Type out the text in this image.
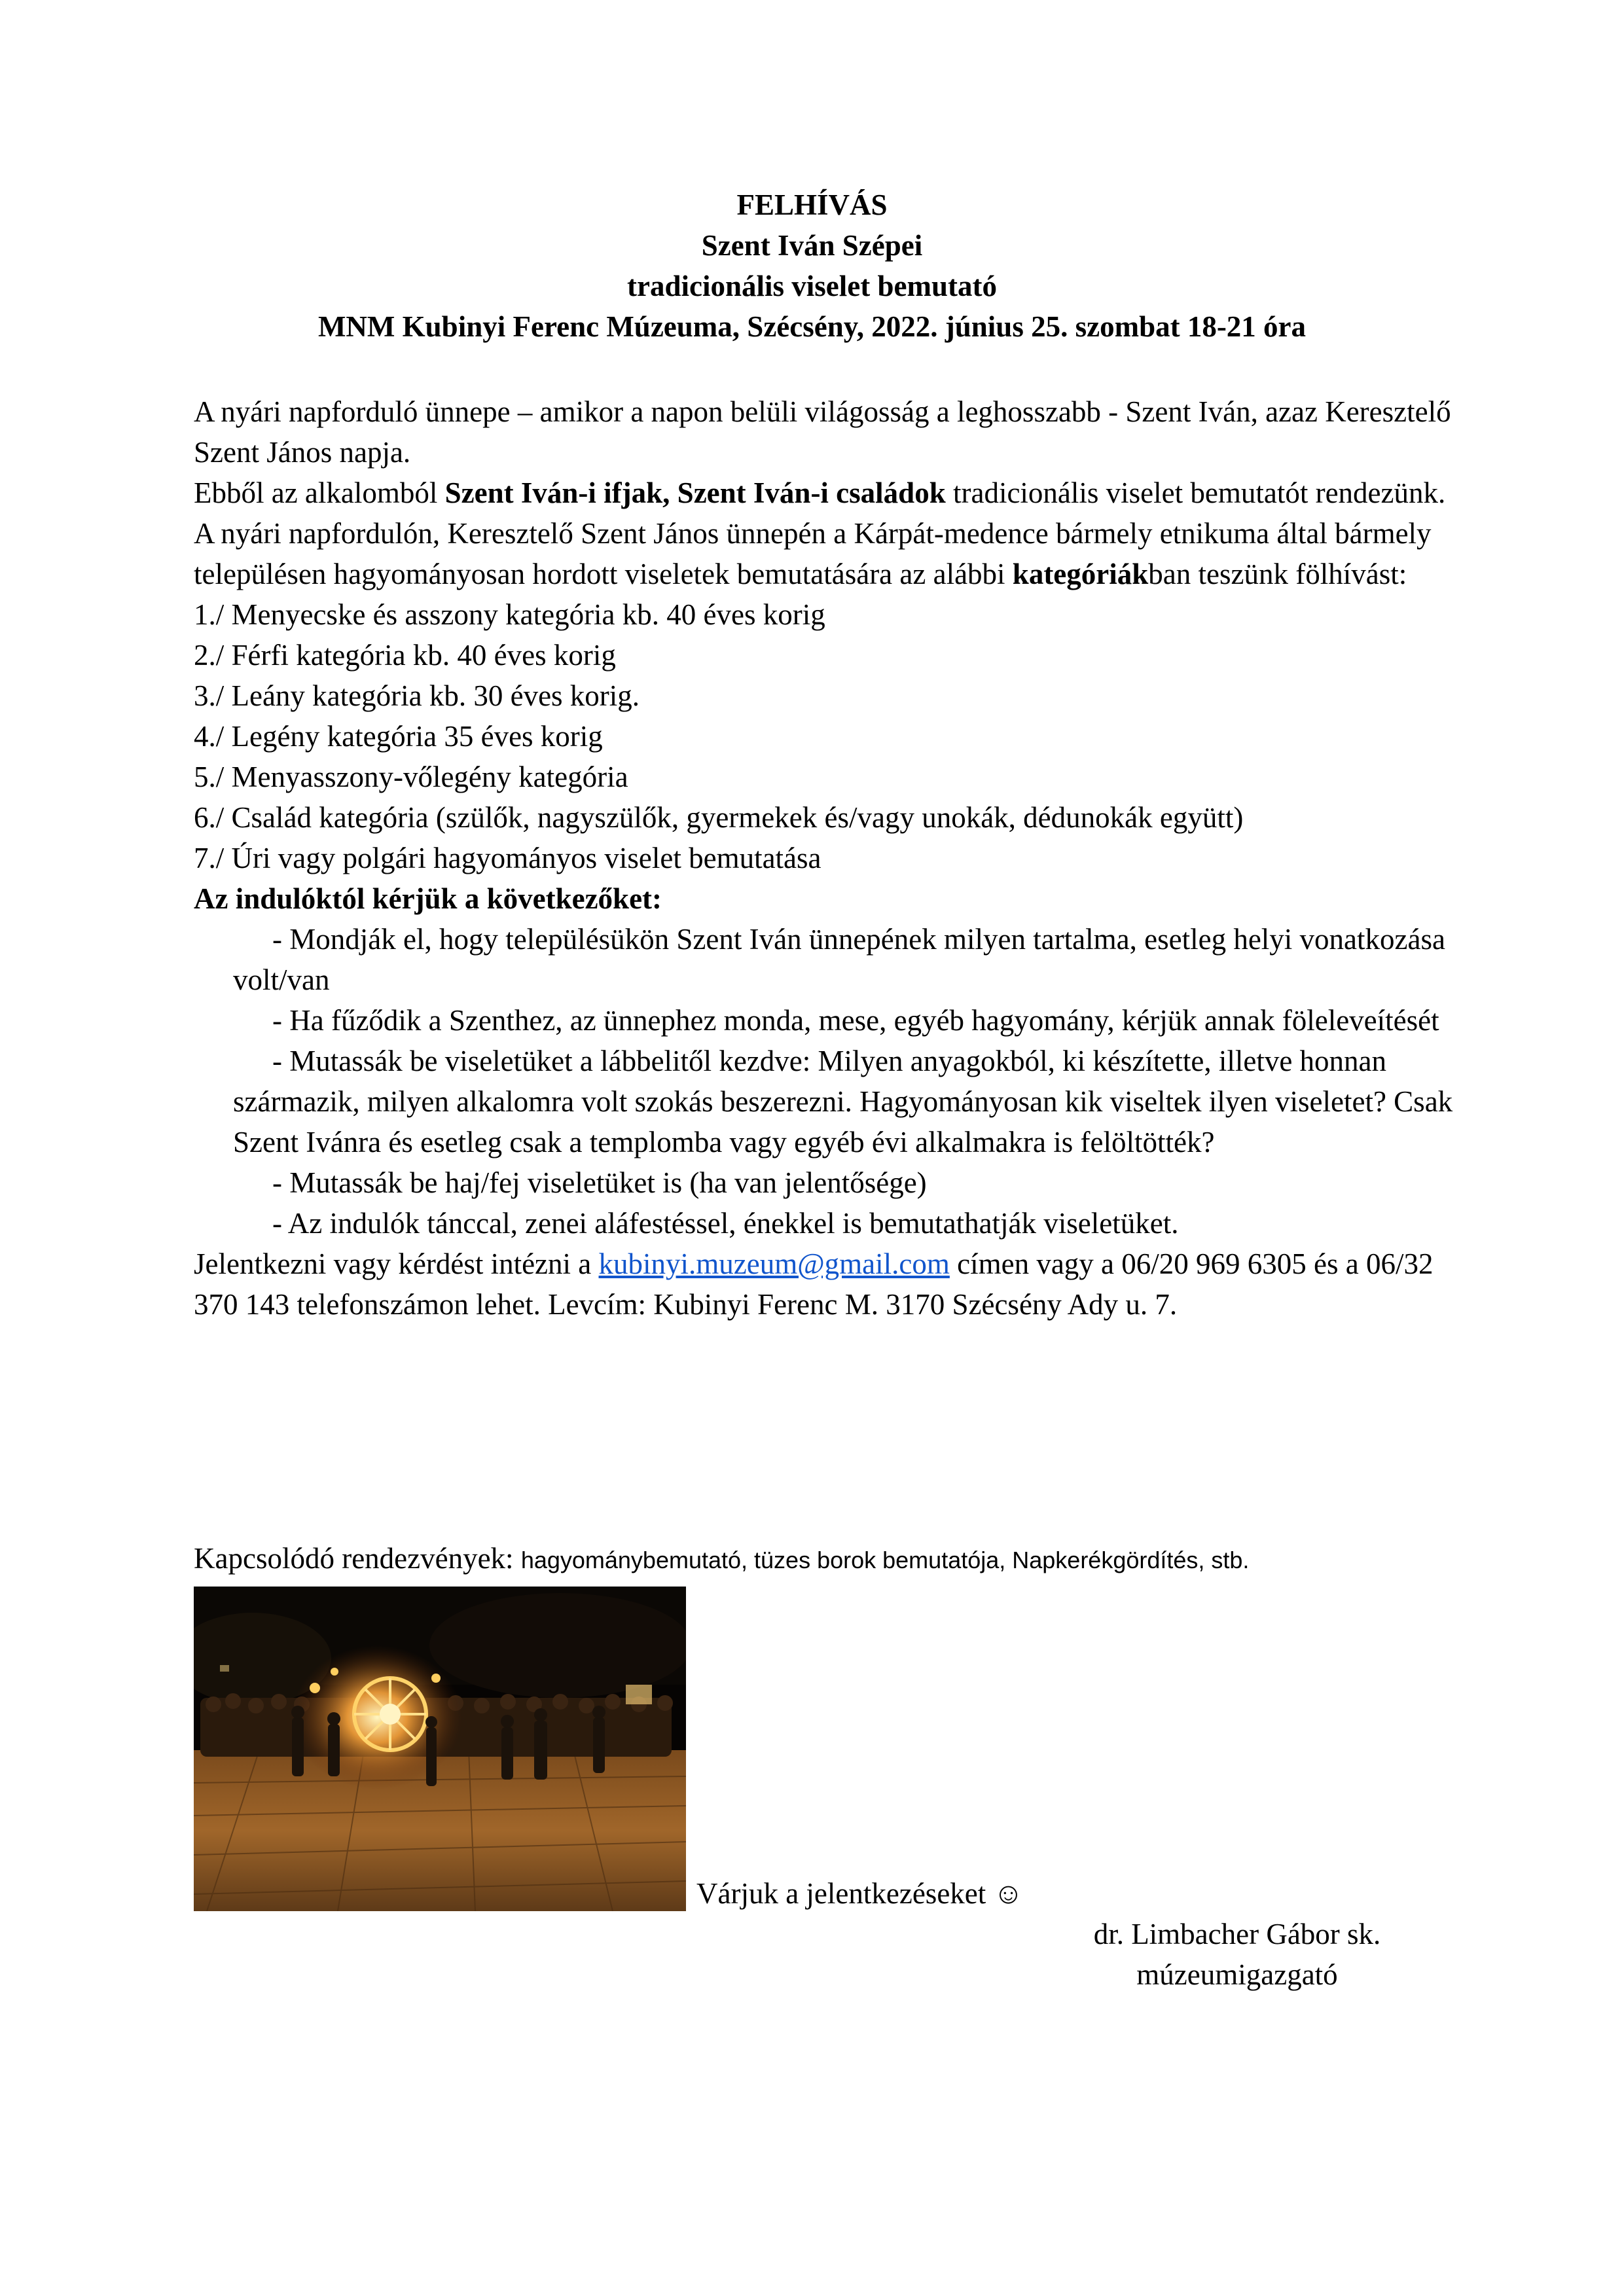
FELHÍVÁS
Szent Iván Szépei
tradicionális viselet bemutató
MNM Kubinyi Ferenc Múzeuma, Szécsény, 2022. június 25. szombat 18-21 óra

A nyári napforduló ünnepe – amikor a napon belüli világosság a leghosszabb - Szent Iván, azaz Keresztelő Szent János napja.

Ebből az alkalomból Szent Iván-i ifjak, Szent Iván-i családok tradicionális viselet bemutatót rendezünk.

A nyári napfordulón, Keresztelő Szent János ünnepén a Kárpát-medence bármely etnikuma által bármely településen hagyományosan hordott viseletek bemutatására az alábbi kategóriákban teszünk fölhívást:

1./ Menyecske és asszony kategória kb. 40 éves korig

2./ Férfi kategória kb. 40 éves korig

3./ Leány kategória kb. 30 éves korig.

4./ Legény kategória 35 éves korig

5./ Menyasszony-vőlegény kategória

6./ Család kategória (szülők, nagyszülők, gyermekek és/vagy unokák, dédunokák együtt)

7./ Úri vagy polgári hagyományos viselet bemutatása

Az indulóktól kérjük a következőket:

- Mondják el, hogy településükön Szent Iván ünnepének milyen tartalma, esetleg helyi vonatkozása volt/van

- Ha fűződik a Szenthez, az ünnephez monda, mese, egyéb hagyomány, kérjük annak föleleveítését

- Mutassák be viseletüket a lábbelitől kezdve: Milyen anyagokból, ki készítette, illetve honnan származik, milyen alkalomra volt szokás beszerezni. Hagyományosan kik viseltek ilyen viseletet? Csak Szent Ivánra és esetleg csak a templomba vagy egyéb évi alkalmakra is felöltötték?

- Mutassák be haj/fej viseletüket is (ha van jelentősége)

- Az indulók tánccal, zenei aláfestéssel, énekkel is bemutathatják viseletüket.

Jelentkezni vagy kérdést intézni a kubinyi.muzeum@gmail.com címen vagy a 06/20 969 6305 és a 06/32 370 143 telefonszámon lehet. Levcím: Kubinyi Ferenc M. 3170 Szécsény Ady u. 7.

Kapcsolódó rendezvények: hagyománybemutató, tüzes borok bemutatója, Napkerékgördítés, stb.
Várjuk a jelentkezéseket ☺
dr. Limbacher Gábor sk.
múzeumigazgató
